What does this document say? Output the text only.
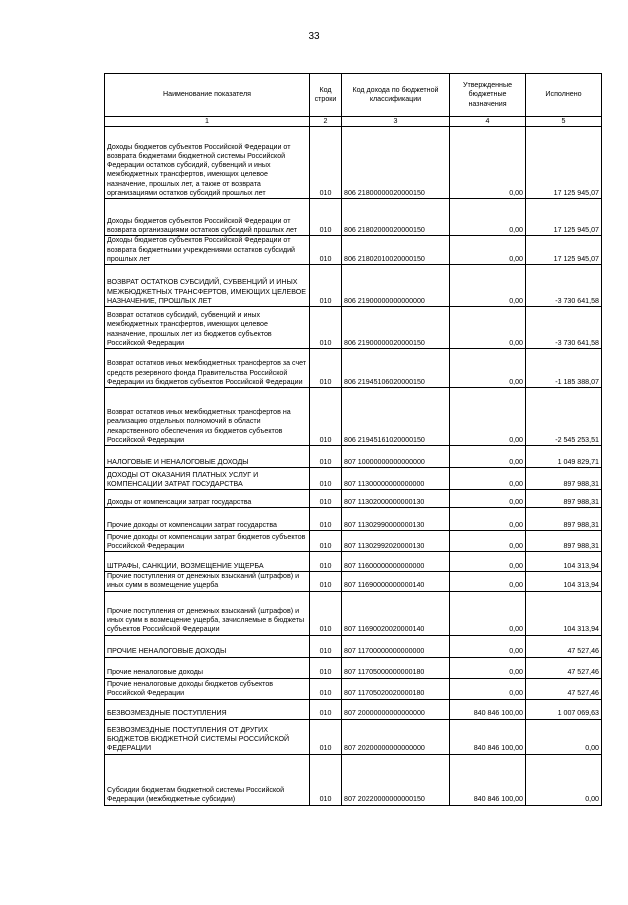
33
Наименование показателя	Код строки	Код дохода по бюджетной классификации	Утвержденные бюджетные назначения	Исполнено
1	2	3	4	5
Доходы бюджетов субъектов Российской Федерации от возврата бюджетами бюджетной системы Российской Федерации остатков субсидий, субвенций и иных межбюджетных трансфертов, имеющих целевое назначение, прошлых лет, а также от возврата организациями остатков субсидий прошлых лет	010	806 21800000020000150	0,00	17 125 945,07
Доходы бюджетов субъектов Российской Федерации от возврата организациями остатков субсидий прошлых лет	010	806 21802000020000150	0,00	17 125 945,07
Доходы бюджетов субъектов Российской Федерации от возврата бюджетными учреждениями остатков субсидий прошлых лет	010	806 21802010020000150	0,00	17 125 945,07
ВОЗВРАТ ОСТАТКОВ СУБСИДИЙ, СУБВЕНЦИЙ И ИНЫХ МЕЖБЮДЖЕТНЫХ ТРАНСФЕРТОВ, ИМЕЮЩИХ ЦЕЛЕВОЕ НАЗНАЧЕНИЕ, ПРОШЛЫХ ЛЕТ	010	806 21900000000000000	0,00	-3 730 641,58
Возврат остатков субсидий, субвенций и иных межбюджетных трансфертов, имеющих целевое назначение, прошлых лет из бюджетов субъектов Российской Федерации	010	806 21900000020000150	0,00	-3 730 641,58
Возврат остатков иных межбюджетных трансфертов за счет средств резервного фонда Правительства Российской Федерации из бюджетов субъектов Российской Федерации	010	806 21945106020000150	0,00	-1 185 388,07
Возврат остатков иных межбюджетных трансфертов на реализацию отдельных полномочий в области лекарственного обеспечения из бюджетов субъектов Российской Федерации	010	806 21945161020000150	0,00	-2 545 253,51
НАЛОГОВЫЕ И НЕНАЛОГОВЫЕ ДОХОДЫ	010	807 10000000000000000	0,00	1 049 829,71
ДОХОДЫ ОТ ОКАЗАНИЯ ПЛАТНЫХ УСЛУГ И КОМПЕНСАЦИИ ЗАТРАТ ГОСУДАРСТВА	010	807 11300000000000000	0,00	897 988,31
Доходы от компенсации затрат государства	010	807 11302000000000130	0,00	897 988,31
Прочие доходы от компенсации затрат государства	010	807 11302990000000130	0,00	897 988,31
Прочие доходы от компенсации затрат бюджетов субъектов Российской Федерации	010	807 11302992020000130	0,00	897 988,31
ШТРАФЫ, САНКЦИИ, ВОЗМЕЩЕНИЕ УЩЕРБА	010	807 11600000000000000	0,00	104 313,94
Прочие поступления от денежных взысканий (штрафов) и иных сумм в возмещение ущерба	010	807 11690000000000140	0,00	104 313,94
Прочие поступления от денежных взысканий (штрафов) и иных сумм в возмещение ущерба, зачисляемые в бюджеты субъектов Российской Федерации	010	807 11690020020000140	0,00	104 313,94
ПРОЧИЕ НЕНАЛОГОВЫЕ ДОХОДЫ	010	807 11700000000000000	0,00	47 527,46
Прочие неналоговые доходы	010	807 11705000000000180	0,00	47 527,46
Прочие неналоговые доходы бюджетов субъектов Российской Федерации	010	807 11705020020000180	0,00	47 527,46
БЕЗВОЗМЕЗДНЫЕ ПОСТУПЛЕНИЯ	010	807 20000000000000000	840 846 100,00	1 007 069,63
БЕЗВОЗМЕЗДНЫЕ ПОСТУПЛЕНИЯ ОТ ДРУГИХ БЮДЖЕТОВ БЮДЖЕТНОЙ СИСТЕМЫ РОССИЙСКОЙ ФЕДЕРАЦИИ	010	807 20200000000000000	840 846 100,00	0,00
Субсидии бюджетам бюджетной системы Российской Федерации (межбюджетные субсидии)	010	807 20220000000000150	840 846 100,00	0,00
